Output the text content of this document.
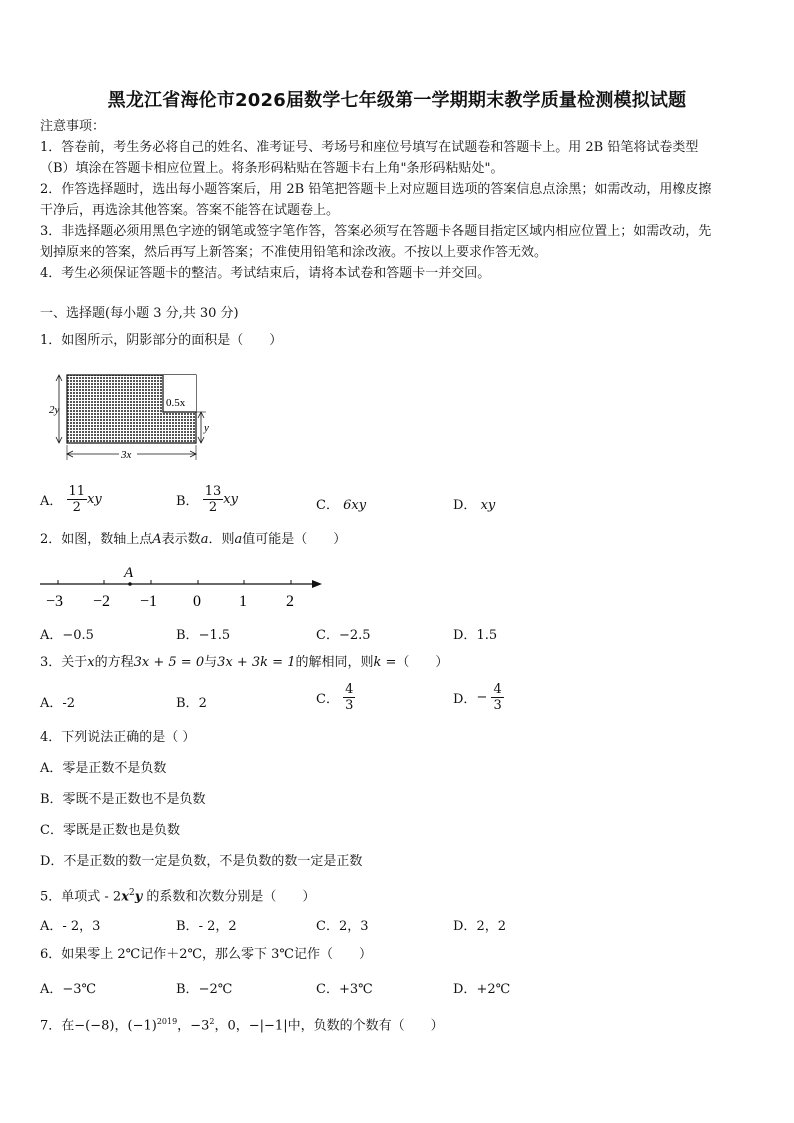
黑龙江省海伦市2026届数学七年级第一学期期末教学质量检测模拟试题
注意事项：
1．答卷前，考生务必将自己的姓名、准考证号、考场号和座位号填写在试题卷和答题卡上。用 2B 铅笔将试卷类型
（B）填涂在答题卡相应位置上。将条形码粘贴在答题卡右上角"条形码粘贴处"。
2．作答选择题时，选出每小题答案后，用 2B 铅笔把答题卡上对应题目选项的答案信息点涂黑；如需改动，用橡皮擦
干净后，再选涂其他答案。答案不能答在试题卷上。
3．非选择题必须用黑色字迹的钢笔或签字笔作答，答案必须写在答题卡各题目指定区域内相应位置上；如需改动，先
划掉原来的答案，然后再写上新答案；不准使用铅笔和涂改液。不按以上要求作答无效。
4．考生必须保证答题卡的整洁。考试结束后，请将本试卷和答题卡一并交回。
一、选择题(每小题 3 分,共 30 分)
1．如图所示，阴影部分的面积是（　　）
2y
0.5x
y
3x
A． $\frac{11}{2}$ xy	B． $\frac{13}{2}$ xy	C． 6xy	D． xy
2．如图，数轴上点A表示数a．则a值可能是（　　）
A
−3 −2 −1 0 1 2
A．−0.5	B．−1.5	C．−2.5	D．1.5
3．关于x的方程3x + 5 = 0与3x + 3k = 1的解相同，则k =（　　）
A．-2	B．2	C． $\frac{4}{3}$	D．− $\frac{4}{3}$
4．下列说法正确的是（ ）
A．零是正数不是负数
B．零既不是正数也不是负数
C．零既是正数也是负数
D．不是正数的数一定是负数，不是负数的数一定是正数
5．单项式 - $2x^2y$ 的系数和次数分别是（　　）
A．- 2，3	B．- 2，2	C．2，3	D．2，2
6．如果零上 2℃记作＋2℃，那么零下 3℃记作（　　）
A．−3℃	B．−2℃	C．+3℃	D．+2℃
7．在−(−8)，$(-1)^{2019}$，$-3^2$，0，−|−1|中，负数的个数有（　　）
